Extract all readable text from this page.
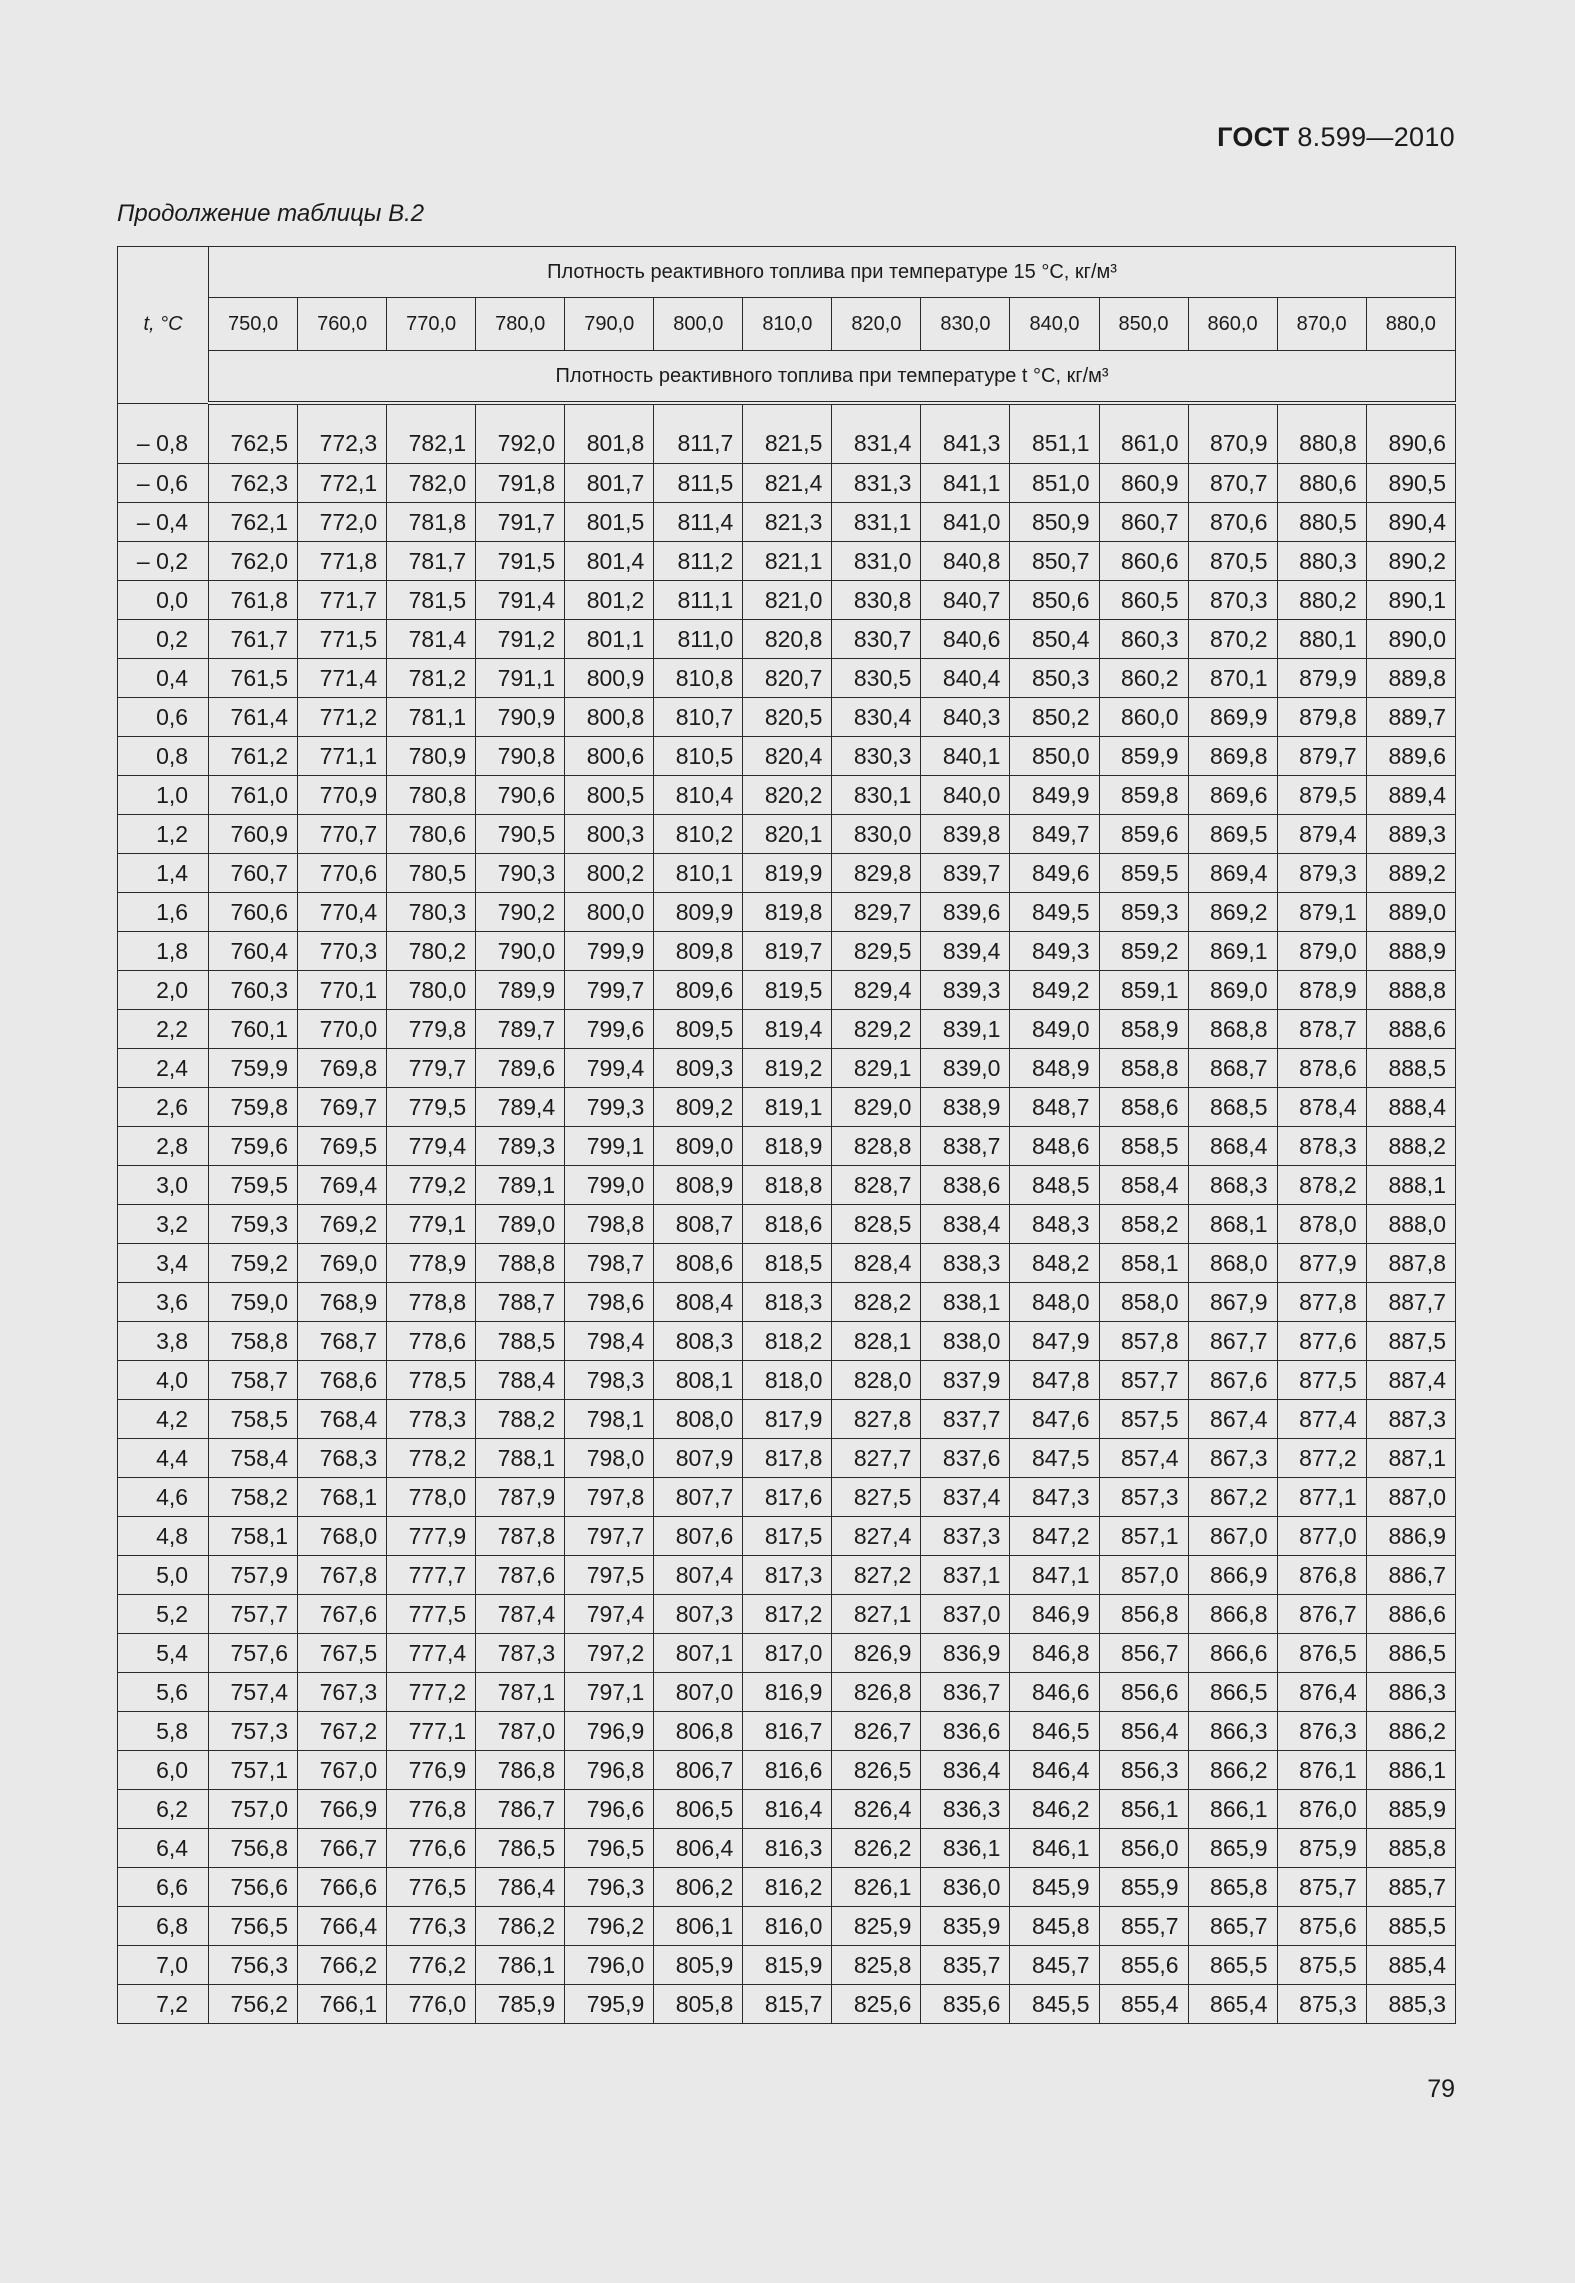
ГОСТ 8.599—2010
Продолжение таблицы В.2
t, °C	Плотность реактивного топлива при температуре 15 °C, кг/м³													
	750,0	760,0	770,0	780,0	790,0	800,0	810,0	820,0	830,0	840,0	850,0	860,0	870,0	880,0
	Плотность реактивного топлива при температуре t °C, кг/м³													
– 0,8	762,5	772,3	782,1	792,0	801,8	811,7	821,5	831,4	841,3	851,1	861,0	870,9	880,8	890,6
– 0,6	762,3	772,1	782,0	791,8	801,7	811,5	821,4	831,3	841,1	851,0	860,9	870,7	880,6	890,5
– 0,4	762,1	772,0	781,8	791,7	801,5	811,4	821,3	831,1	841,0	850,9	860,7	870,6	880,5	890,4
– 0,2	762,0	771,8	781,7	791,5	801,4	811,2	821,1	831,0	840,8	850,7	860,6	870,5	880,3	890,2
0,0	761,8	771,7	781,5	791,4	801,2	811,1	821,0	830,8	840,7	850,6	860,5	870,3	880,2	890,1
0,2	761,7	771,5	781,4	791,2	801,1	811,0	820,8	830,7	840,6	850,4	860,3	870,2	880,1	890,0
0,4	761,5	771,4	781,2	791,1	800,9	810,8	820,7	830,5	840,4	850,3	860,2	870,1	879,9	889,8
0,6	761,4	771,2	781,1	790,9	800,8	810,7	820,5	830,4	840,3	850,2	860,0	869,9	879,8	889,7
0,8	761,2	771,1	780,9	790,8	800,6	810,5	820,4	830,3	840,1	850,0	859,9	869,8	879,7	889,6
1,0	761,0	770,9	780,8	790,6	800,5	810,4	820,2	830,1	840,0	849,9	859,8	869,6	879,5	889,4
1,2	760,9	770,7	780,6	790,5	800,3	810,2	820,1	830,0	839,8	849,7	859,6	869,5	879,4	889,3
1,4	760,7	770,6	780,5	790,3	800,2	810,1	819,9	829,8	839,7	849,6	859,5	869,4	879,3	889,2
1,6	760,6	770,4	780,3	790,2	800,0	809,9	819,8	829,7	839,6	849,5	859,3	869,2	879,1	889,0
1,8	760,4	770,3	780,2	790,0	799,9	809,8	819,7	829,5	839,4	849,3	859,2	869,1	879,0	888,9
2,0	760,3	770,1	780,0	789,9	799,7	809,6	819,5	829,4	839,3	849,2	859,1	869,0	878,9	888,8
2,2	760,1	770,0	779,8	789,7	799,6	809,5	819,4	829,2	839,1	849,0	858,9	868,8	878,7	888,6
2,4	759,9	769,8	779,7	789,6	799,4	809,3	819,2	829,1	839,0	848,9	858,8	868,7	878,6	888,5
2,6	759,8	769,7	779,5	789,4	799,3	809,2	819,1	829,0	838,9	848,7	858,6	868,5	878,4	888,4
2,8	759,6	769,5	779,4	789,3	799,1	809,0	818,9	828,8	838,7	848,6	858,5	868,4	878,3	888,2
3,0	759,5	769,4	779,2	789,1	799,0	808,9	818,8	828,7	838,6	848,5	858,4	868,3	878,2	888,1
3,2	759,3	769,2	779,1	789,0	798,8	808,7	818,6	828,5	838,4	848,3	858,2	868,1	878,0	888,0
3,4	759,2	769,0	778,9	788,8	798,7	808,6	818,5	828,4	838,3	848,2	858,1	868,0	877,9	887,8
3,6	759,0	768,9	778,8	788,7	798,6	808,4	818,3	828,2	838,1	848,0	858,0	867,9	877,8	887,7
3,8	758,8	768,7	778,6	788,5	798,4	808,3	818,2	828,1	838,0	847,9	857,8	867,7	877,6	887,5
4,0	758,7	768,6	778,5	788,4	798,3	808,1	818,0	828,0	837,9	847,8	857,7	867,6	877,5	887,4
4,2	758,5	768,4	778,3	788,2	798,1	808,0	817,9	827,8	837,7	847,6	857,5	867,4	877,4	887,3
4,4	758,4	768,3	778,2	788,1	798,0	807,9	817,8	827,7	837,6	847,5	857,4	867,3	877,2	887,1
4,6	758,2	768,1	778,0	787,9	797,8	807,7	817,6	827,5	837,4	847,3	857,3	867,2	877,1	887,0
4,8	758,1	768,0	777,9	787,8	797,7	807,6	817,5	827,4	837,3	847,2	857,1	867,0	877,0	886,9
5,0	757,9	767,8	777,7	787,6	797,5	807,4	817,3	827,2	837,1	847,1	857,0	866,9	876,8	886,7
5,2	757,7	767,6	777,5	787,4	797,4	807,3	817,2	827,1	837,0	846,9	856,8	866,8	876,7	886,6
5,4	757,6	767,5	777,4	787,3	797,2	807,1	817,0	826,9	836,9	846,8	856,7	866,6	876,5	886,5
5,6	757,4	767,3	777,2	787,1	797,1	807,0	816,9	826,8	836,7	846,6	856,6	866,5	876,4	886,3
5,8	757,3	767,2	777,1	787,0	796,9	806,8	816,7	826,7	836,6	846,5	856,4	866,3	876,3	886,2
6,0	757,1	767,0	776,9	786,8	796,8	806,7	816,6	826,5	836,4	846,4	856,3	866,2	876,1	886,1
6,2	757,0	766,9	776,8	786,7	796,6	806,5	816,4	826,4	836,3	846,2	856,1	866,1	876,0	885,9
6,4	756,8	766,7	776,6	786,5	796,5	806,4	816,3	826,2	836,1	846,1	856,0	865,9	875,9	885,8
6,6	756,6	766,6	776,5	786,4	796,3	806,2	816,2	826,1	836,0	845,9	855,9	865,8	875,7	885,7
6,8	756,5	766,4	776,3	786,2	796,2	806,1	816,0	825,9	835,9	845,8	855,7	865,7	875,6	885,5
7,0	756,3	766,2	776,2	786,1	796,0	805,9	815,9	825,8	835,7	845,7	855,6	865,5	875,5	885,4
7,2	756,2	766,1	776,0	785,9	795,9	805,8	815,7	825,6	835,6	845,5	855,4	865,4	875,3	885,3
79
